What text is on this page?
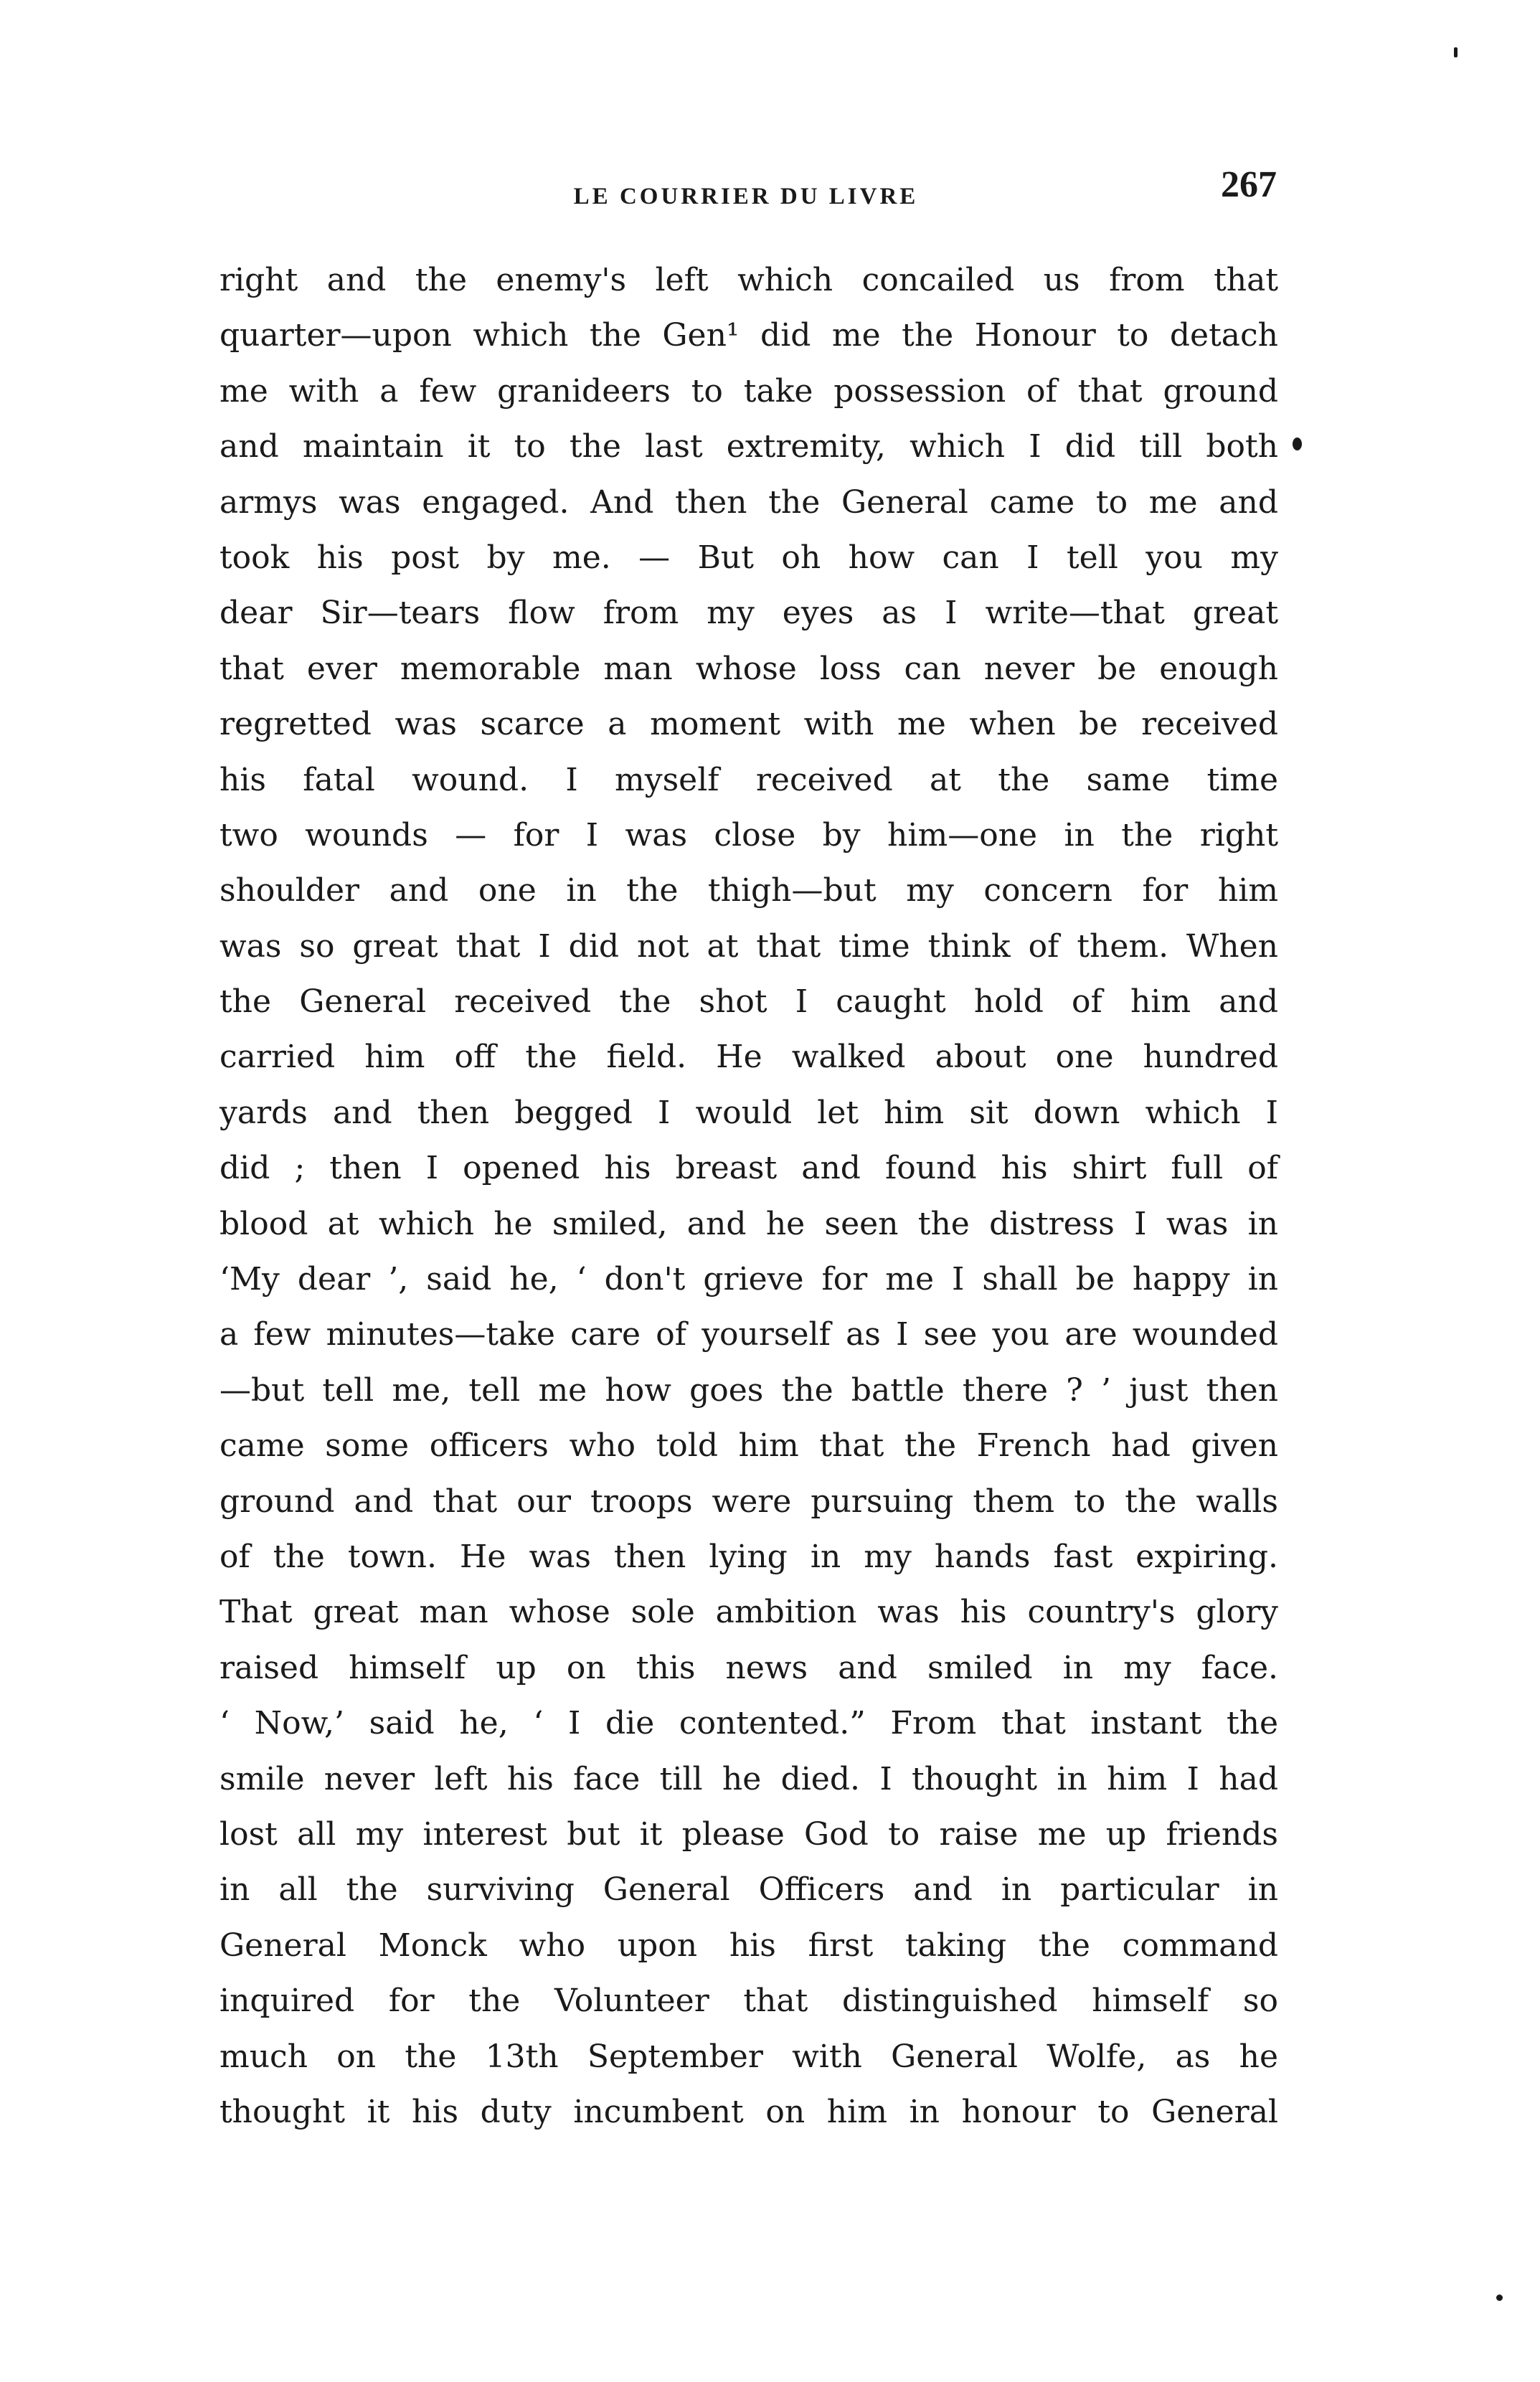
LE COURRIER DU LIVRE	267
right and the enemy's left which concailed us from that
quarter—upon which the Gen¹ did me the Honour to detach
me with a few granideers to take possession of that ground
and maintain it to the last extremity, which I did till both
armys was engaged. And then the General came to me and
took his post by me. — But oh how can I tell you my
dear Sir—tears flow from my eyes as I write—that great
that ever memorable man whose loss can never be enough
regretted was scarce a moment with me when be received
his fatal wound. I myself received at the same time
two wounds — for I was close by him—one in the right
shoulder and one in the thigh—but my concern for him
was so great that I did not at that time think of them. When
the General received the shot I caught hold of him and
carried him off the field. He walked about one hundred
yards and then begged I would let him sit down which I
did ; then I opened his breast and found his shirt full of
blood at which he smiled, and he seen the distress I was in
‘My dear ’, said he, ‘ don't grieve for me I shall be happy in
a few minutes—take care of yourself as I see you are wounded
—but tell me, tell me how goes the battle there ? ’ just then
came some officers who told him that the French had given
ground and that our troops were pursuing them to the walls
of the town. He was then lying in my hands fast expiring.
That great man whose sole ambition was his country's glory
raised himself up on this news and smiled in my face.
‘ Now,’ said he, ‘ I die contented.” From that instant the
smile never left his face till he died. I thought in him I had
lost all my interest but it please God to raise me up friends
in all the surviving General Officers and in particular in
General Monck who upon his first taking the command
inquired for the Volunteer that distinguished himself so
much on the 13th September with General Wolfe, as he
thought it his duty incumbent on him in honour to General
